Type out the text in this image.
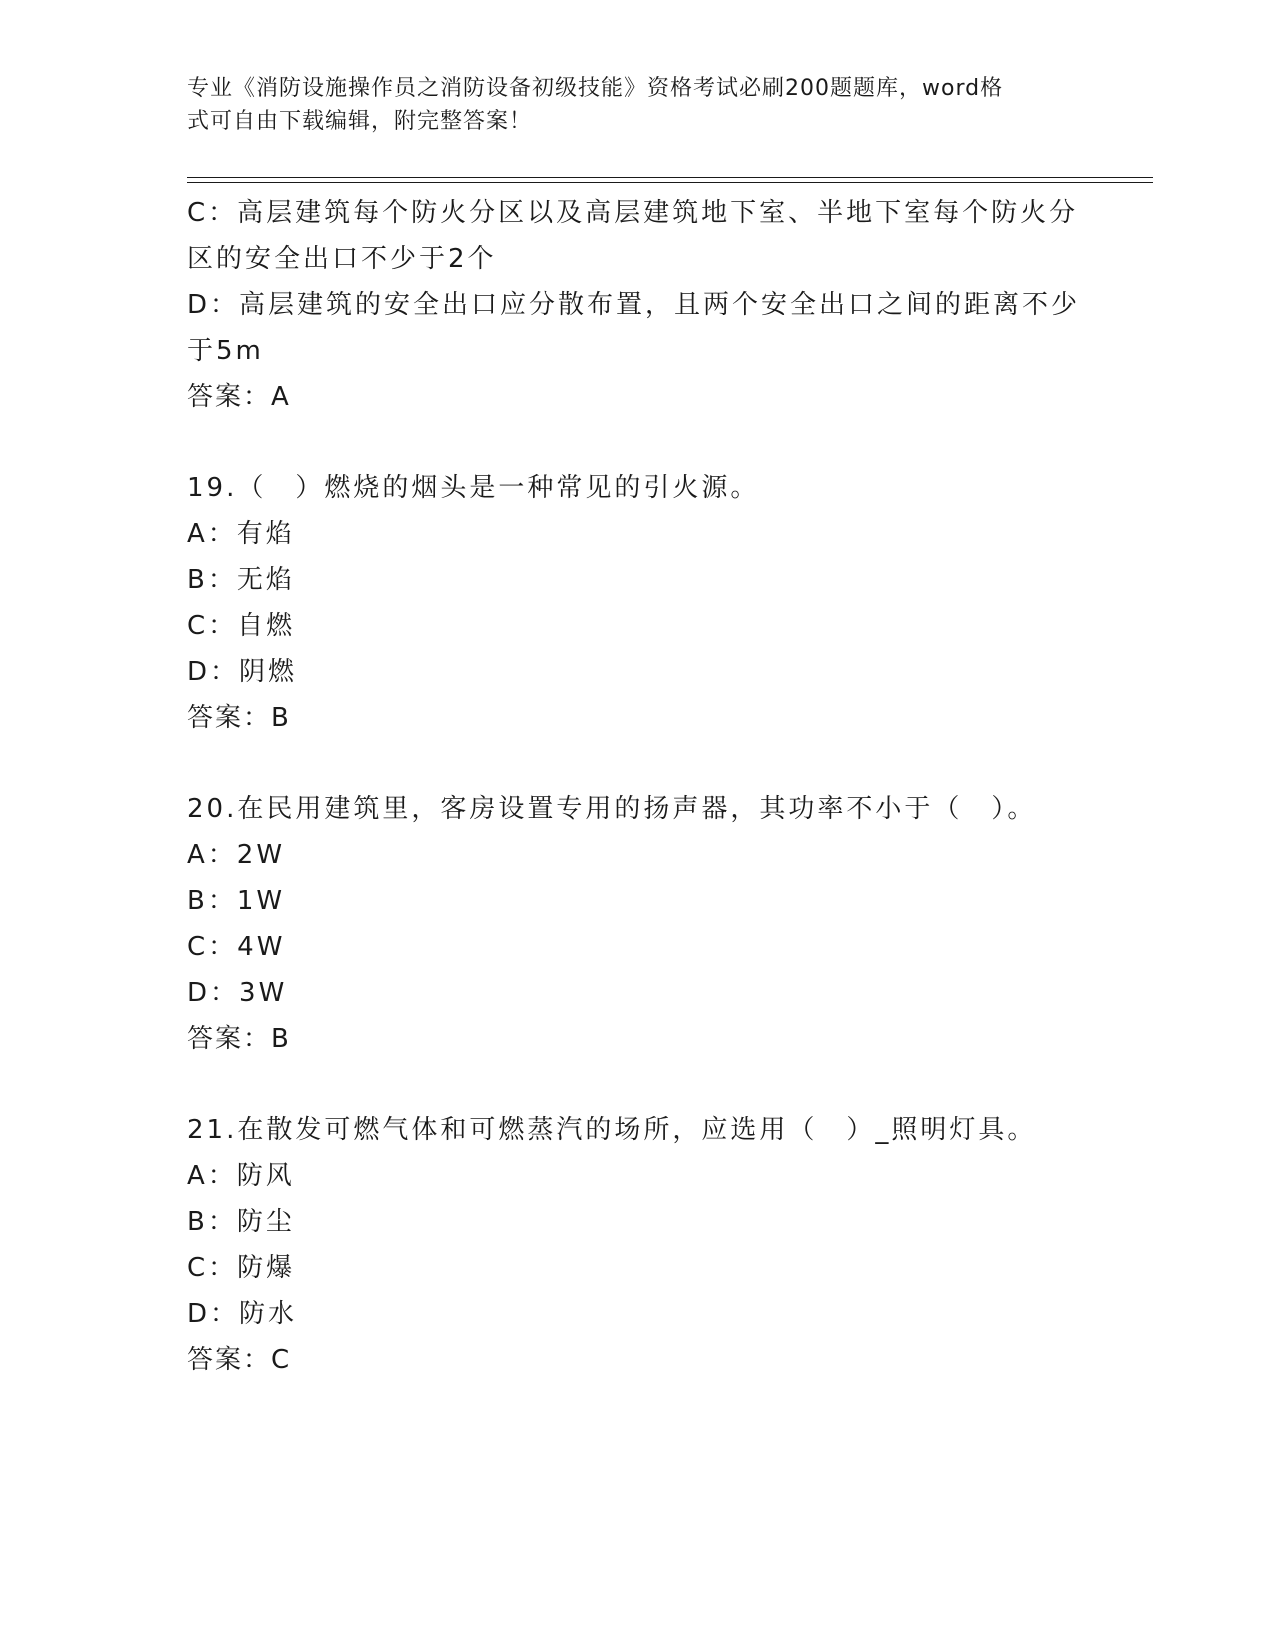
专业《消防设施操作员之消防设备初级技能》资格考试必刷200题题库，word格
式可自由下载编辑，附完整答案！
C：高层建筑每个防火分区以及高层建筑地下室、半地下室每个防火分
区的安全出口不少于2个
D：高层建筑的安全出口应分散布置，且两个安全出口之间的距离不少
于5m
答案：A
19.（　）燃烧的烟头是一种常见的引火源。
A：有焰
B：无焰
C：自燃
D：阴燃
答案：B
20.在民用建筑里，客房设置专用的扬声器，其功率不小于（　）。
A：2W
B：1W
C：4W
D：3W
答案：B
21.在散发可燃气体和可燃蒸汽的场所，应选用（　）_照明灯具。
A：防风
B：防尘
C：防爆
D：防水
答案：C
